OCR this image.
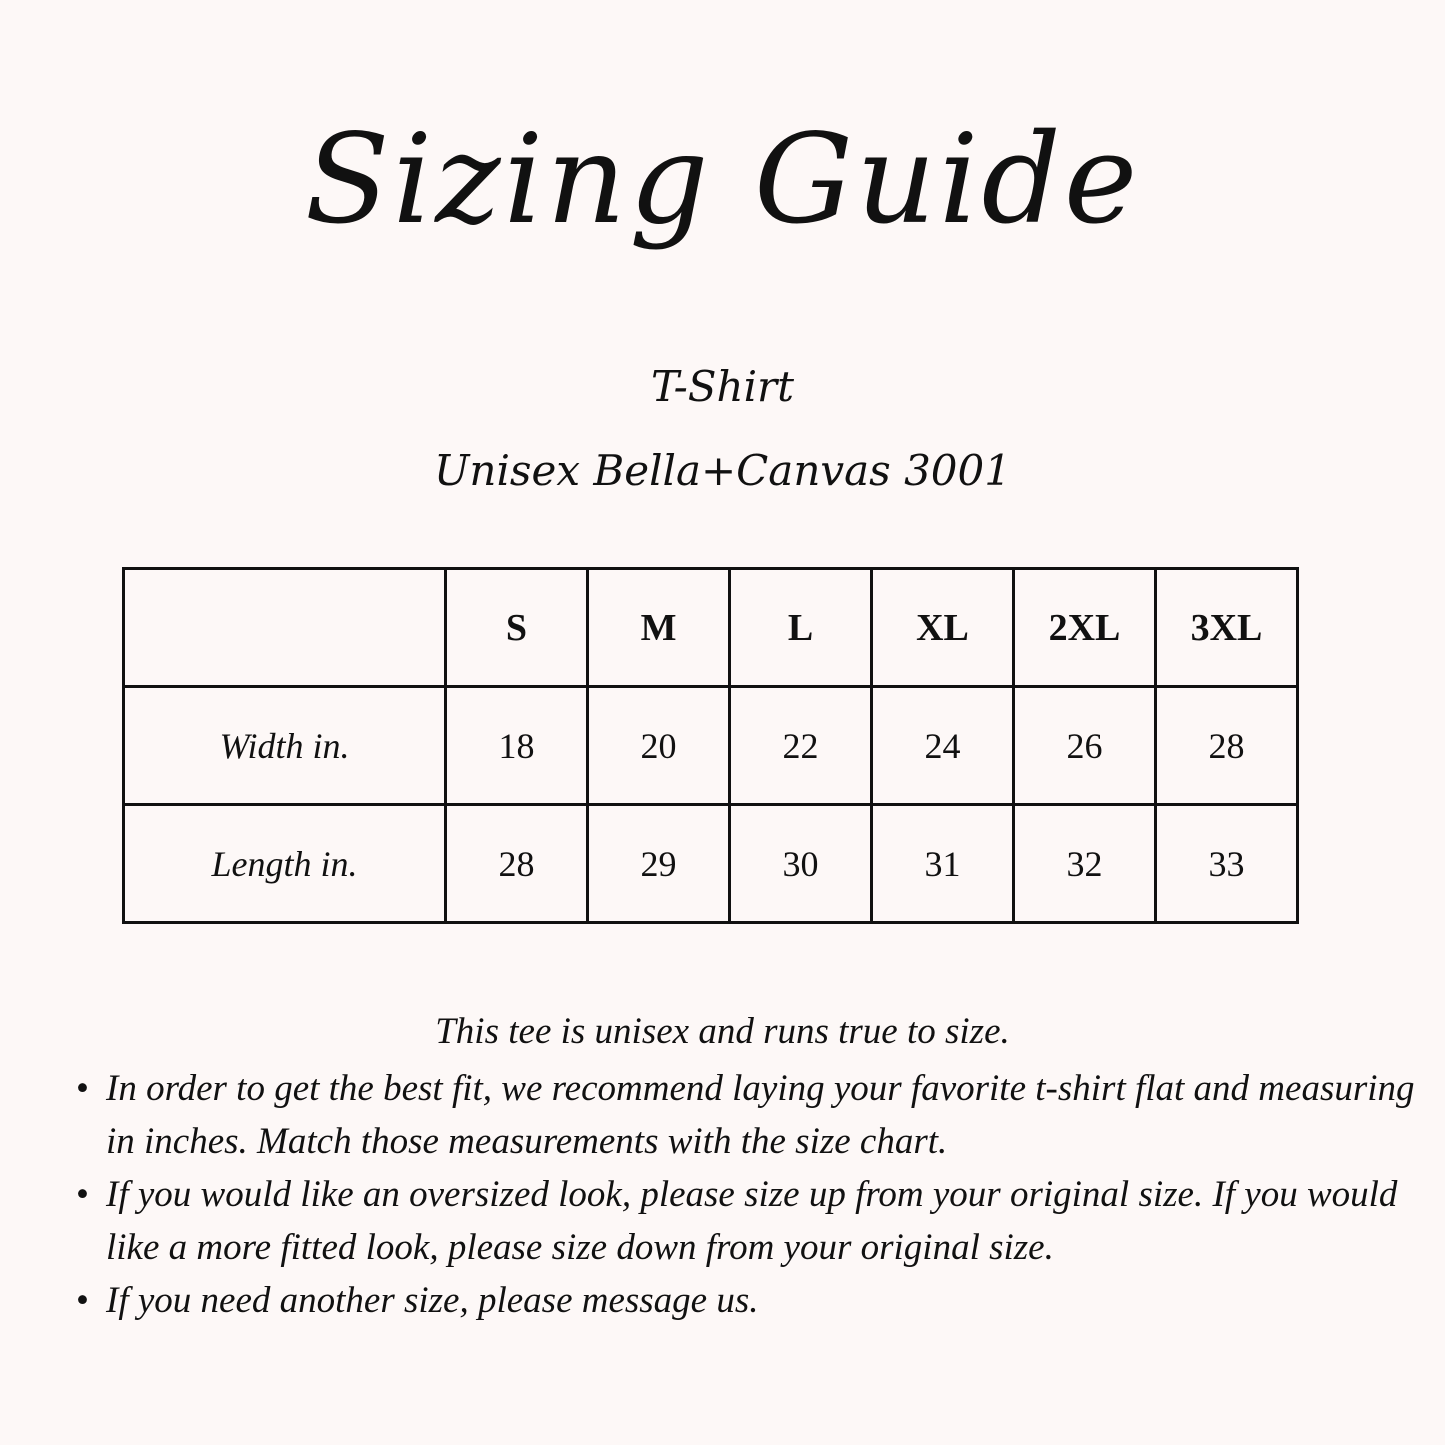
Sizing Guide

T-Shirt

Unisex Bella+Canvas 3001

	S	M	L	XL	2XL	3XL
Width in.	18	20	22	24	26	28
Length in.	28	29	30	31	32	33

This tee is unisex and runs true to size.

• In order to get the best fit, we recommend laying your favorite t-shirt flat and measuring in inches. Match those measurements with the size chart.
• If you would like an oversized look, please size up from your original size. If you would like a more fitted look, please size down from your original size.
• If you need another size, please message us.
